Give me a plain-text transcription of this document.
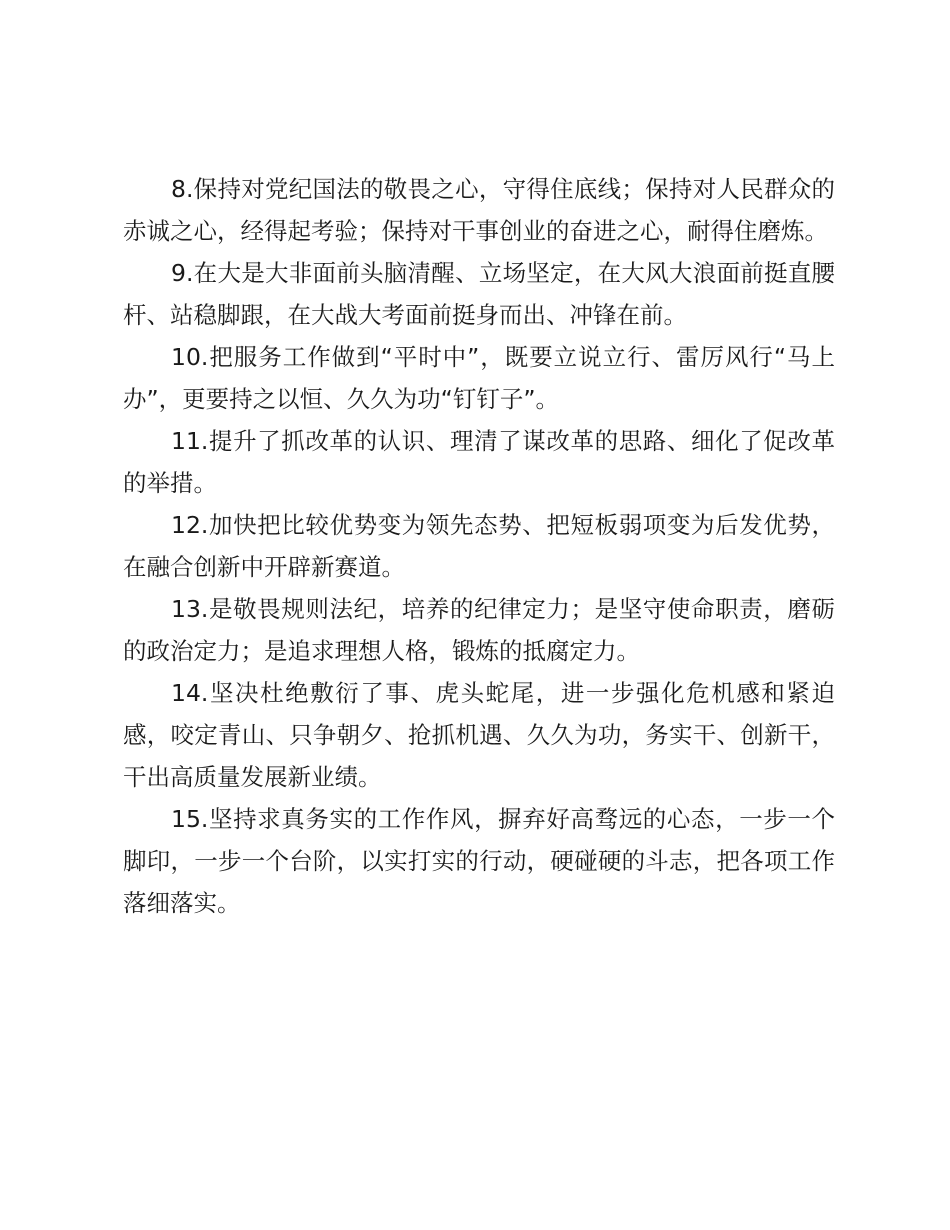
8.保持对党纪国法的敬畏之心，守得住底线；保持对人民群众的赤诚之心，经得起考验；保持对干事创业的奋进之心，耐得住磨炼。

9.在大是大非面前头脑清醒、立场坚定，在大风大浪面前挺直腰杆、站稳脚跟，在大战大考面前挺身而出、冲锋在前。

10.把服务工作做到“平时中”，既要立说立行、雷厉风行“马上办”，更要持之以恒、久久为功“钉钉子”。

11.提升了抓改革的认识、理清了谋改革的思路、细化了促改革的举措。

12.加快把比较优势变为领先态势、把短板弱项变为后发优势，在融合创新中开辟新赛道。

13.是敬畏规则法纪，培养的纪律定力；是坚守使命职责，磨砺的政治定力；是追求理想人格，锻炼的抵腐定力。

14.坚决杜绝敷衍了事、虎头蛇尾，进一步强化危机感和紧迫感，咬定青山、只争朝夕、抢抓机遇、久久为功，务实干、创新干，干出高质量发展新业绩。

15.坚持求真务实的工作作风，摒弃好高骛远的心态，一步一个脚印，一步一个台阶，以实打实的行动，硬碰硬的斗志，把各项工作落细落实。
